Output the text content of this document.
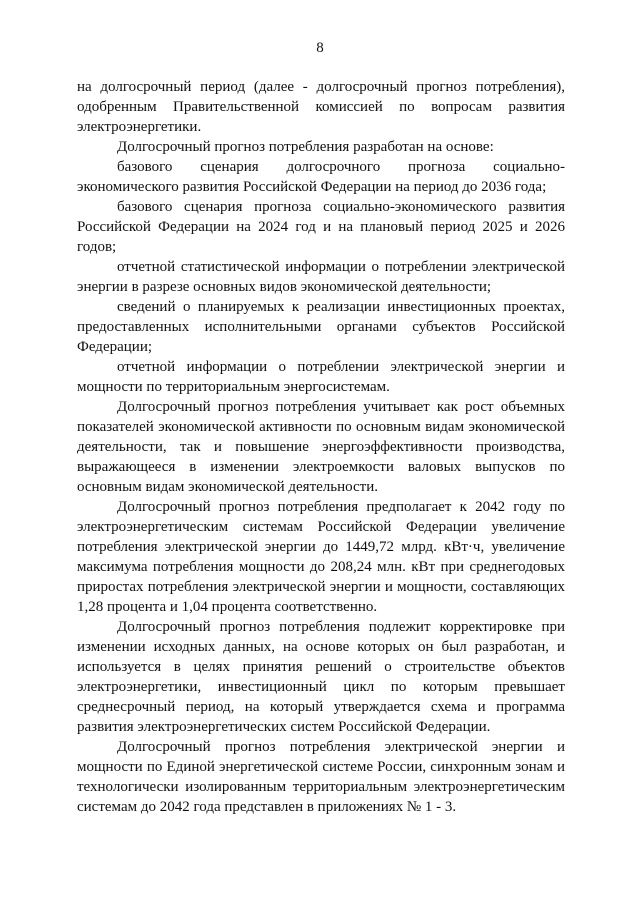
8

на долгосрочный период (далее - долгосрочный прогноз потребления), одобренным Правительственной комиссией по вопросам развития электроэнергетики.

Долгосрочный прогноз потребления разработан на основе:

базового сценария долгосрочного прогноза социально-экономического развития Российской Федерации на период до 2036 года;

базового сценария прогноза социально-экономического развития Российской Федерации на 2024 год и на плановый период 2025 и 2026 годов;

отчетной статистической информации о потреблении электрической энергии в разрезе основных видов экономической деятельности;

сведений о планируемых к реализации инвестиционных проектах, предоставленных исполнительными органами субъектов Российской Федерации;

отчетной информации о потреблении электрической энергии и мощности по территориальным энергосистемам.

Долгосрочный прогноз потребления учитывает как рост объемных показателей экономической активности по основным видам экономической деятельности, так и повышение энергоэффективности производства, выражающееся в изменении электроемкости валовых выпусков по основным видам экономической деятельности.

Долгосрочный прогноз потребления предполагает к 2042 году по электроэнергетическим системам Российской Федерации увеличение потребления электрической энергии до 1449,72 млрд. кВт·ч, увеличение максимума потребления мощности до 208,24 млн. кВт при среднегодовых приростах потребления электрической энергии и мощности, составляющих 1,28 процента и 1,04 процента соответственно.

Долгосрочный прогноз потребления подлежит корректировке при изменении исходных данных, на основе которых он был разработан, и используется в целях принятия решений о строительстве объектов электроэнергетики, инвестиционный цикл по которым превышает среднесрочный период, на который утверждается схема и программа развития электроэнергетических систем Российской Федерации.

Долгосрочный прогноз потребления электрической энергии и мощности по Единой энергетической системе России, синхронным зонам и технологически изолированным территориальным электроэнергетическим системам до 2042 года представлен в приложениях № 1 - 3.
